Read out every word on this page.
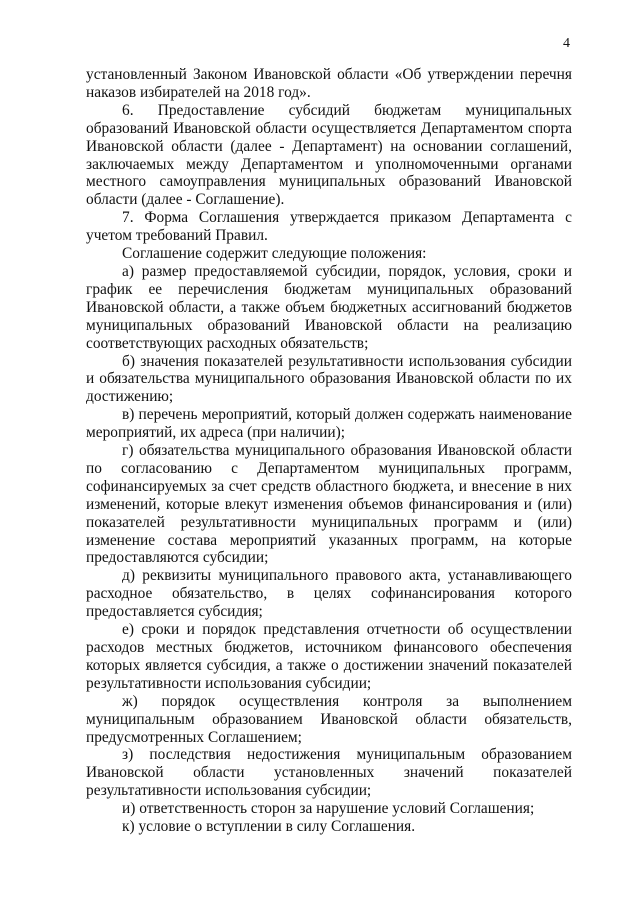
4

установленный Законом Ивановской области «Об утверждении перечня наказов избирателей на 2018 год».

6. Предоставление субсидий бюджетам муниципальных образований Ивановской области осуществляется Департаментом спорта Ивановской области (далее - Департамент) на основании соглашений, заключаемых между Департаментом и уполномоченными органами местного самоуправления муниципальных образований Ивановской области (далее - Соглашение).

7. Форма Соглашения утверждается приказом Департамента с учетом требований Правил.

Соглашение содержит следующие положения:

а) размер предоставляемой субсидии, порядок, условия, сроки и график ее перечисления бюджетам муниципальных образований Ивановской области, а также объем бюджетных ассигнований бюджетов муниципальных образований Ивановской области на реализацию соответствующих расходных обязательств;

б) значения показателей результативности использования субсидии и обязательства муниципального образования Ивановской области по их достижению;

в) перечень мероприятий, который должен содержать наименование мероприятий, их адреса (при наличии);

г) обязательства муниципального образования Ивановской области по согласованию с Департаментом муниципальных программ, софинансируемых за счет средств областного бюджета, и внесение в них изменений, которые влекут изменения объемов финансирования и (или) показателей результативности муниципальных программ и (или) изменение состава мероприятий указанных программ, на которые предоставляются субсидии;

д) реквизиты муниципального правового акта, устанавливающего расходное обязательство, в целях софинансирования которого предоставляется субсидия;

е) сроки и порядок представления отчетности об осуществлении расходов местных бюджетов, источником финансового обеспечения которых является субсидия, а также о достижении значений показателей результативности использования субсидии;

ж) порядок осуществления контроля за выполнением муниципальным образованием Ивановской области обязательств, предусмотренных Соглашением;

з) последствия недостижения муниципальным образованием Ивановской области установленных значений показателей результативности использования субсидии;

и) ответственность сторон за нарушение условий Соглашения;

к) условие о вступлении в силу Соглашения.
